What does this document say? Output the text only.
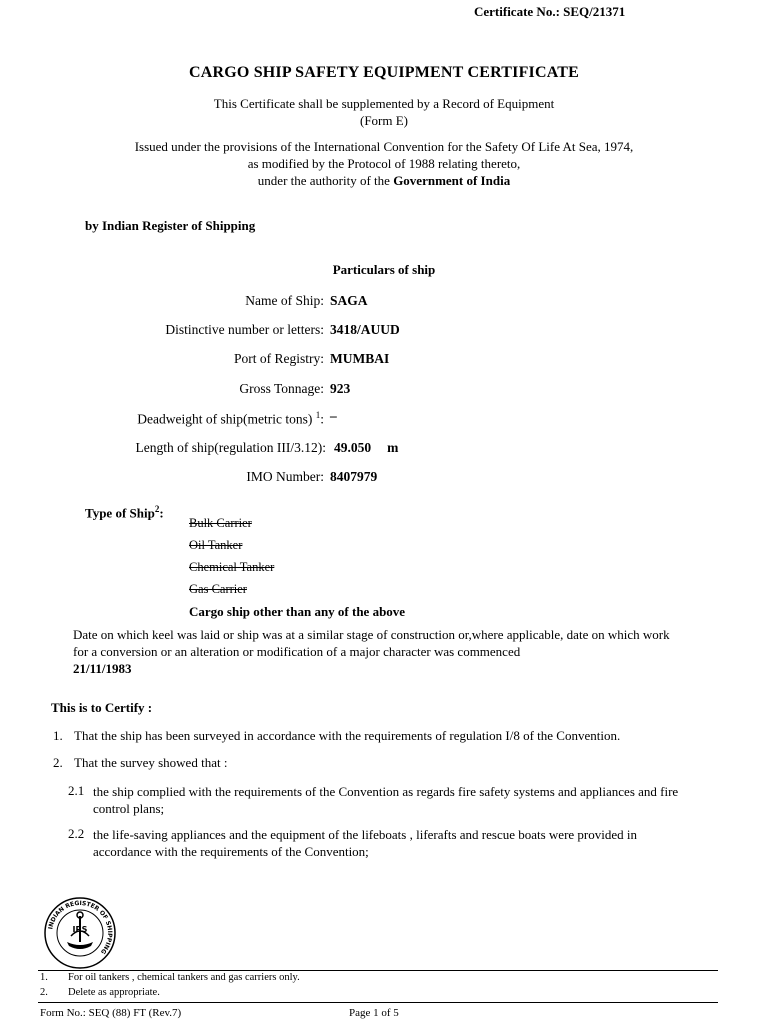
Certificate No.: SEQ/21371
CARGO SHIP SAFETY EQUIPMENT CERTIFICATE
This Certificate shall be supplemented by a Record of Equipment
(Form E)
Issued under the provisions of the International Convention for the Safety Of Life At Sea, 1974,
as modified by the Protocol of 1988 relating thereto,
under the authority of the Government of India
by Indian Register of Shipping
Particulars of ship
Name of Ship: SAGA
Distinctive number or letters: 3418/AUUD
Port of Registry: MUMBAI
Gross Tonnage: 923
Deadweight of ship(metric tons) $^1$: –
Length of ship(regulation III/3.12): 49.050 m
IMO Number: 8407979
Type of Ship$^2$:
Bulk Carrier
Oil Tanker
Chemical Tanker
Gas Carrier
Cargo ship other than any of the above
Date on which keel was laid or ship was at a similar stage of construction or,where applicable, date on which work for a conversion or an alteration or modification of a major character was commenced
21/11/1983
This is to Certify :
1. That the ship has been surveyed in accordance with the requirements of regulation I/8 of the Convention.
2. That the survey showed that :
2.1 the ship complied with the requirements of the Convention as regards fire safety systems and appliances and fire control plans;
2.2 the life-saving appliances and the equipment of the lifeboats , liferafts and rescue boats were provided in accordance with the requirements of the Convention;
INDIAN REGISTER OF SHIPPING
IRS
1. For oil tankers , chemical tankers and gas carriers only.
2. Delete as appropriate.
Form No.: SEQ (88) FT (Rev.7)	Page 1 of 5
